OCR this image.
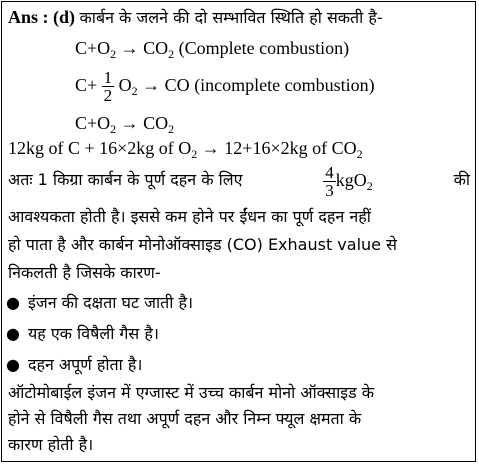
Ans : (d) कार्बन के जलने की दो सम्भावित स्थिति हो सकती है-
$C+O_2 \to CO_2$ (Complete combustion)
$C+ \frac{1}{2} O_2$ → CO (incomplete combustion)
$C+O_2 \to CO_2$
12kg of C + 16×2kg of $O_2 \to 12+16\times 2kg$ of $CO_2$
अतः 1 किग्रा कार्बन के पूर्ण दहन के लिए	$\frac{4}{3} kgO_2$	की
आवश्यकता होती है। इससे कम होने पर ईंधन का पूर्ण दहन नहीं
हो पाता है और कार्बन मोनोऑक्साइड (CO) Exhaust value से
निकलती है जिसके कारण-
● इंजन की दक्षता घट जाती है।
● यह एक विषैली गैस है।
● दहन अपूर्ण होता है।
ऑटोमोबाईल इंजन में एग्जास्ट में उच्च कार्बन मोनो ऑक्साइड के
होने से विषैली गैस तथा अपूर्ण दहन और निम्न फ्यूल क्षमता के
कारण होती है।
